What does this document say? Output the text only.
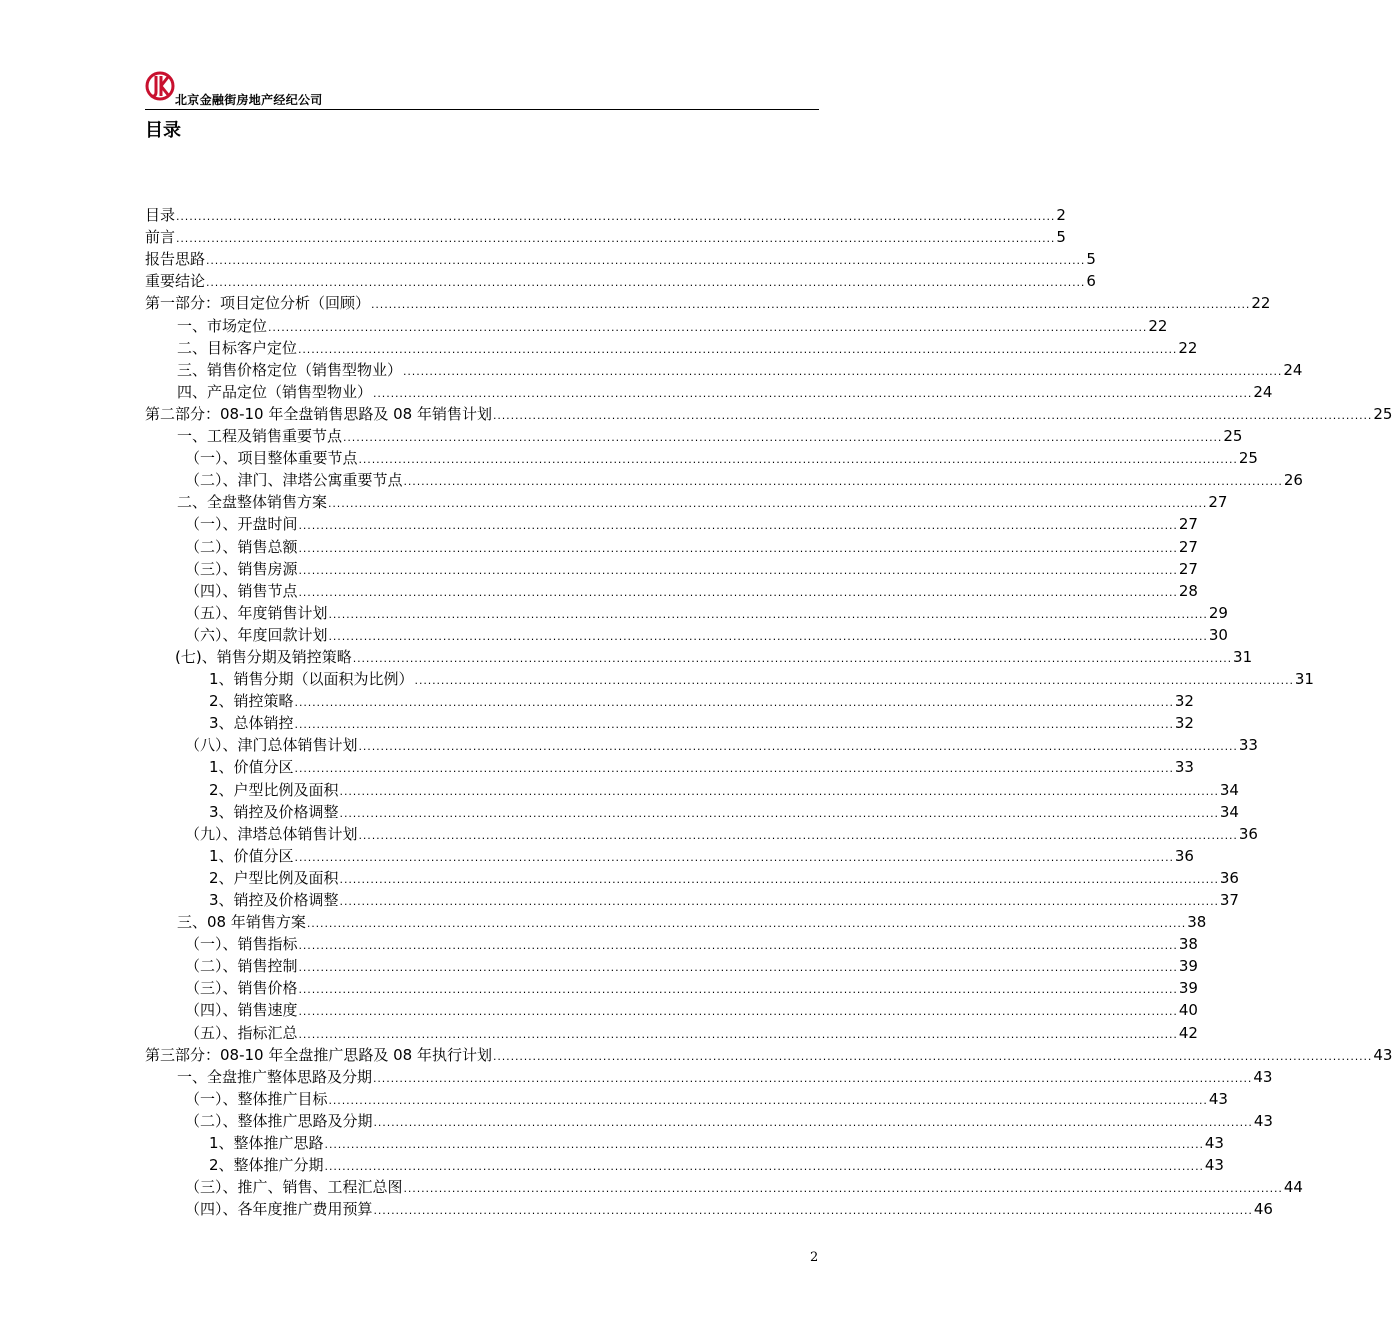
北京金融街房地产经纪公司
目录
目录 ........................................................................................................................................................................................................ 2
前言 ........................................................................................................................................................................................................ 5
报告思路 ........................................................................................................................................................................................................ 5
重要结论 ........................................................................................................................................................................................................ 6
第一部分：项目定位分析（回顾） ........................................................................................................................................................................................................ 22
一、市场定位 ........................................................................................................................................................................................................ 22
二、目标客户定位 ........................................................................................................................................................................................................ 22
三、销售价格定位（销售型物业） ........................................................................................................................................................................................................ 24
四、产品定位（销售型物业） ........................................................................................................................................................................................................ 24
第二部分：08-10 年全盘销售思路及 08 年销售计划 ........................................................................................................................................................................................................ 25
一、工程及销售重要节点 ........................................................................................................................................................................................................ 25
（一）、项目整体重要节点 ........................................................................................................................................................................................................ 25
（二）、津门、津塔公寓重要节点 ........................................................................................................................................................................................................ 26
二、全盘整体销售方案 ........................................................................................................................................................................................................ 27
（一）、开盘时间 ........................................................................................................................................................................................................ 27
（二）、销售总额 ........................................................................................................................................................................................................ 27
（三）、销售房源 ........................................................................................................................................................................................................ 27
（四）、销售节点 ........................................................................................................................................................................................................ 28
（五）、年度销售计划 ........................................................................................................................................................................................................ 29
（六）、年度回款计划 ........................................................................................................................................................................................................ 30
(七)、销售分期及销控策略 ........................................................................................................................................................................................................ 31
1、销售分期（以面积为比例） ........................................................................................................................................................................................................ 31
2、销控策略 ........................................................................................................................................................................................................ 32
3、总体销控 ........................................................................................................................................................................................................ 32
（八）、津门总体销售计划 ........................................................................................................................................................................................................ 33
1、价值分区 ........................................................................................................................................................................................................ 33
2、户型比例及面积 ........................................................................................................................................................................................................ 34
3、销控及价格调整 ........................................................................................................................................................................................................ 34
（九）、津塔总体销售计划 ........................................................................................................................................................................................................ 36
1、价值分区 ........................................................................................................................................................................................................ 36
2、户型比例及面积 ........................................................................................................................................................................................................ 36
3、销控及价格调整 ........................................................................................................................................................................................................ 37
三、08 年销售方案 ........................................................................................................................................................................................................ 38
（一）、销售指标 ........................................................................................................................................................................................................ 38
（二）、销售控制 ........................................................................................................................................................................................................ 39
（三）、销售价格 ........................................................................................................................................................................................................ 39
（四）、销售速度 ........................................................................................................................................................................................................ 40
（五）、指标汇总 ........................................................................................................................................................................................................ 42
第三部分：08-10 年全盘推广思路及 08 年执行计划 ........................................................................................................................................................................................................ 43
一、全盘推广整体思路及分期 ........................................................................................................................................................................................................ 43
（一）、整体推广目标 ........................................................................................................................................................................................................ 43
（二）、整体推广思路及分期 ........................................................................................................................................................................................................ 43
1、整体推广思路 ........................................................................................................................................................................................................ 43
2、整体推广分期 ........................................................................................................................................................................................................ 43
（三）、推广、销售、工程汇总图 ........................................................................................................................................................................................................ 44
（四）、各年度推广费用预算 ........................................................................................................................................................................................................ 46
2
